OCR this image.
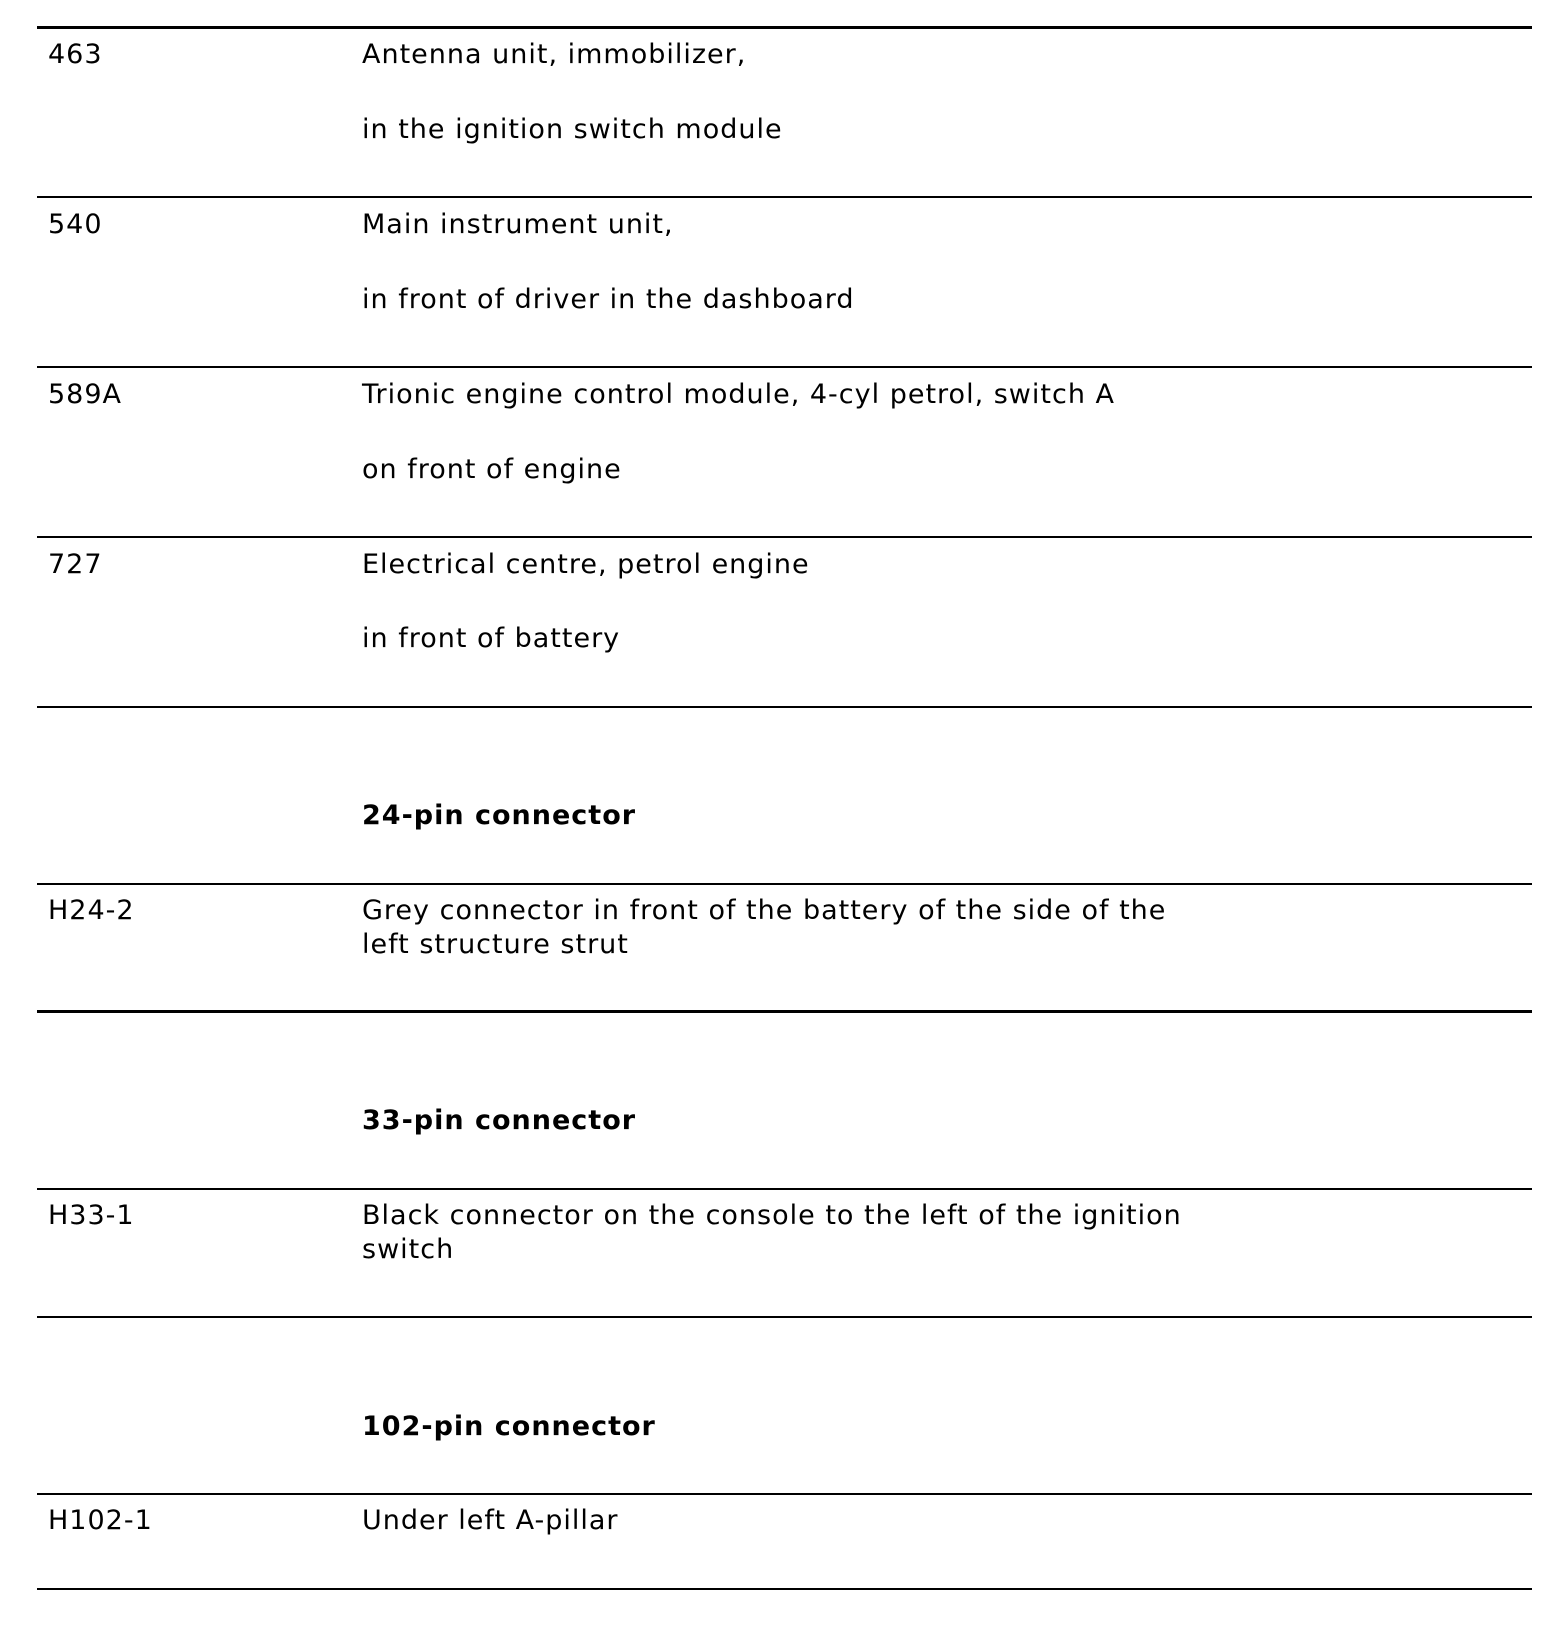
463	Antenna unit, immobilizer,
in the ignition switch module
540	Main instrument unit,
in front of driver in the dashboard
589A	Trionic engine control module, 4-cyl petrol, switch A
on front of engine
727	Electrical centre, petrol engine
in front of battery
24-pin connector
H24-2	Grey connector in front of the battery of the side of the
left structure strut
33-pin connector
H33-1	Black connector on the console to the left of the ignition
switch
102-pin connector
H102-1	Under left A-pillar
